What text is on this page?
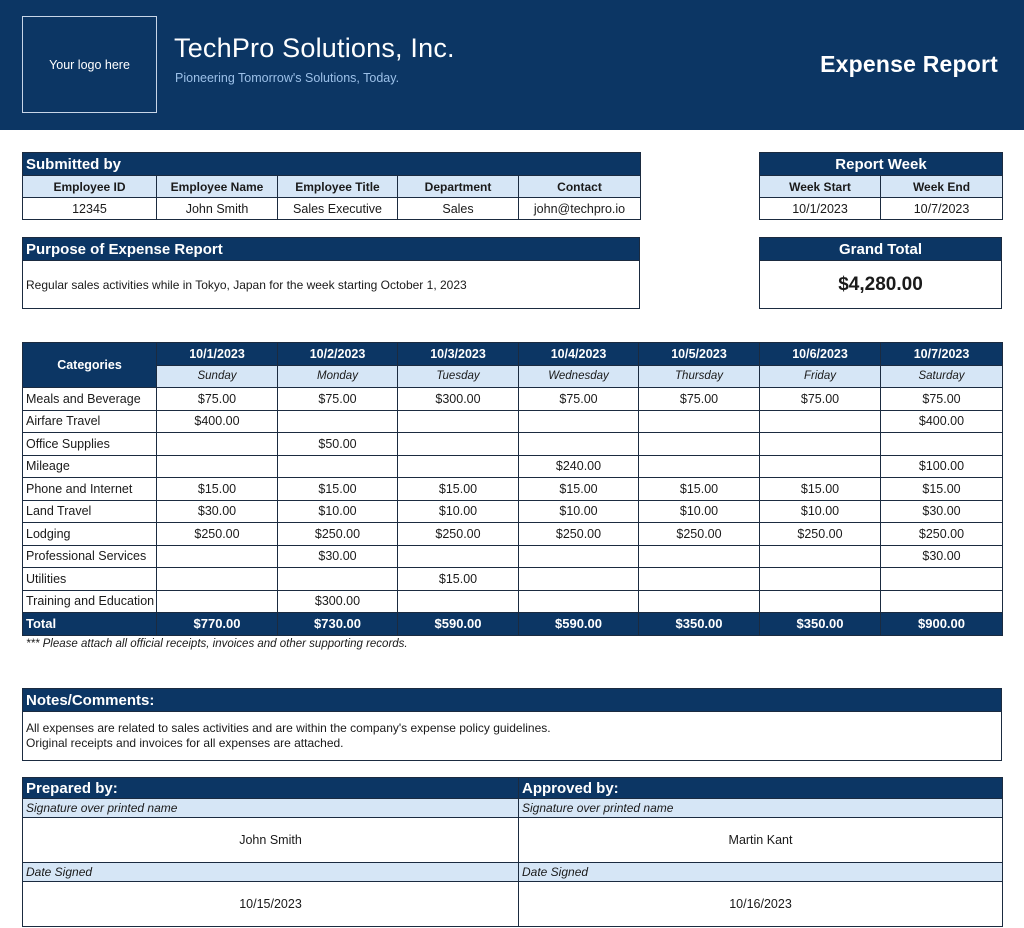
Your logo here
TechPro Solutions, Inc.
Pioneering Tomorrow's Solutions, Today.
Expense Report
Submitted by				
Employee ID	Employee Name	Employee Title	Department	Contact
12345	John Smith	Sales Executive	Sales	john@techpro.io
Report Week	
Week Start	Week End
10/1/2023	10/7/2023
Purpose of Expense Report
Regular sales activities while in Tokyo, Japan for the week starting October 1, 2023
Grand Total
$4,280.00
Categories	10/1/2023	10/2/2023	10/3/2023	10/4/2023	10/5/2023	10/6/2023	10/7/2023
	Sunday	Monday	Tuesday	Wednesday	Thursday	Friday	Saturday
Meals and Beverage	$75.00	$75.00	$300.00	$75.00	$75.00	$75.00	$75.00
Airfare Travel	$400.00						$400.00
Office Supplies		$50.00					
Mileage				$240.00			$100.00
Phone and Internet	$15.00	$15.00	$15.00	$15.00	$15.00	$15.00	$15.00
Land Travel	$30.00	$10.00	$10.00	$10.00	$10.00	$10.00	$30.00
Lodging	$250.00	$250.00	$250.00	$250.00	$250.00	$250.00	$250.00
Professional Services		$30.00					$30.00
Utilities			$15.00				
Training and Education		$300.00					
Total	$770.00	$730.00	$590.00	$590.00	$350.00	$350.00	$900.00
*** Please attach all official receipts, invoices and other supporting records.
Notes/Comments:

All expenses are related to sales activities and are within the company's expense policy guidelines.
Original receipts and invoices for all expenses are attached.
Prepared by:	Approved by:
Signature over printed name	Signature over printed name
John Smith	Martin Kant
Date Signed	Date Signed
10/15/2023	10/16/2023
